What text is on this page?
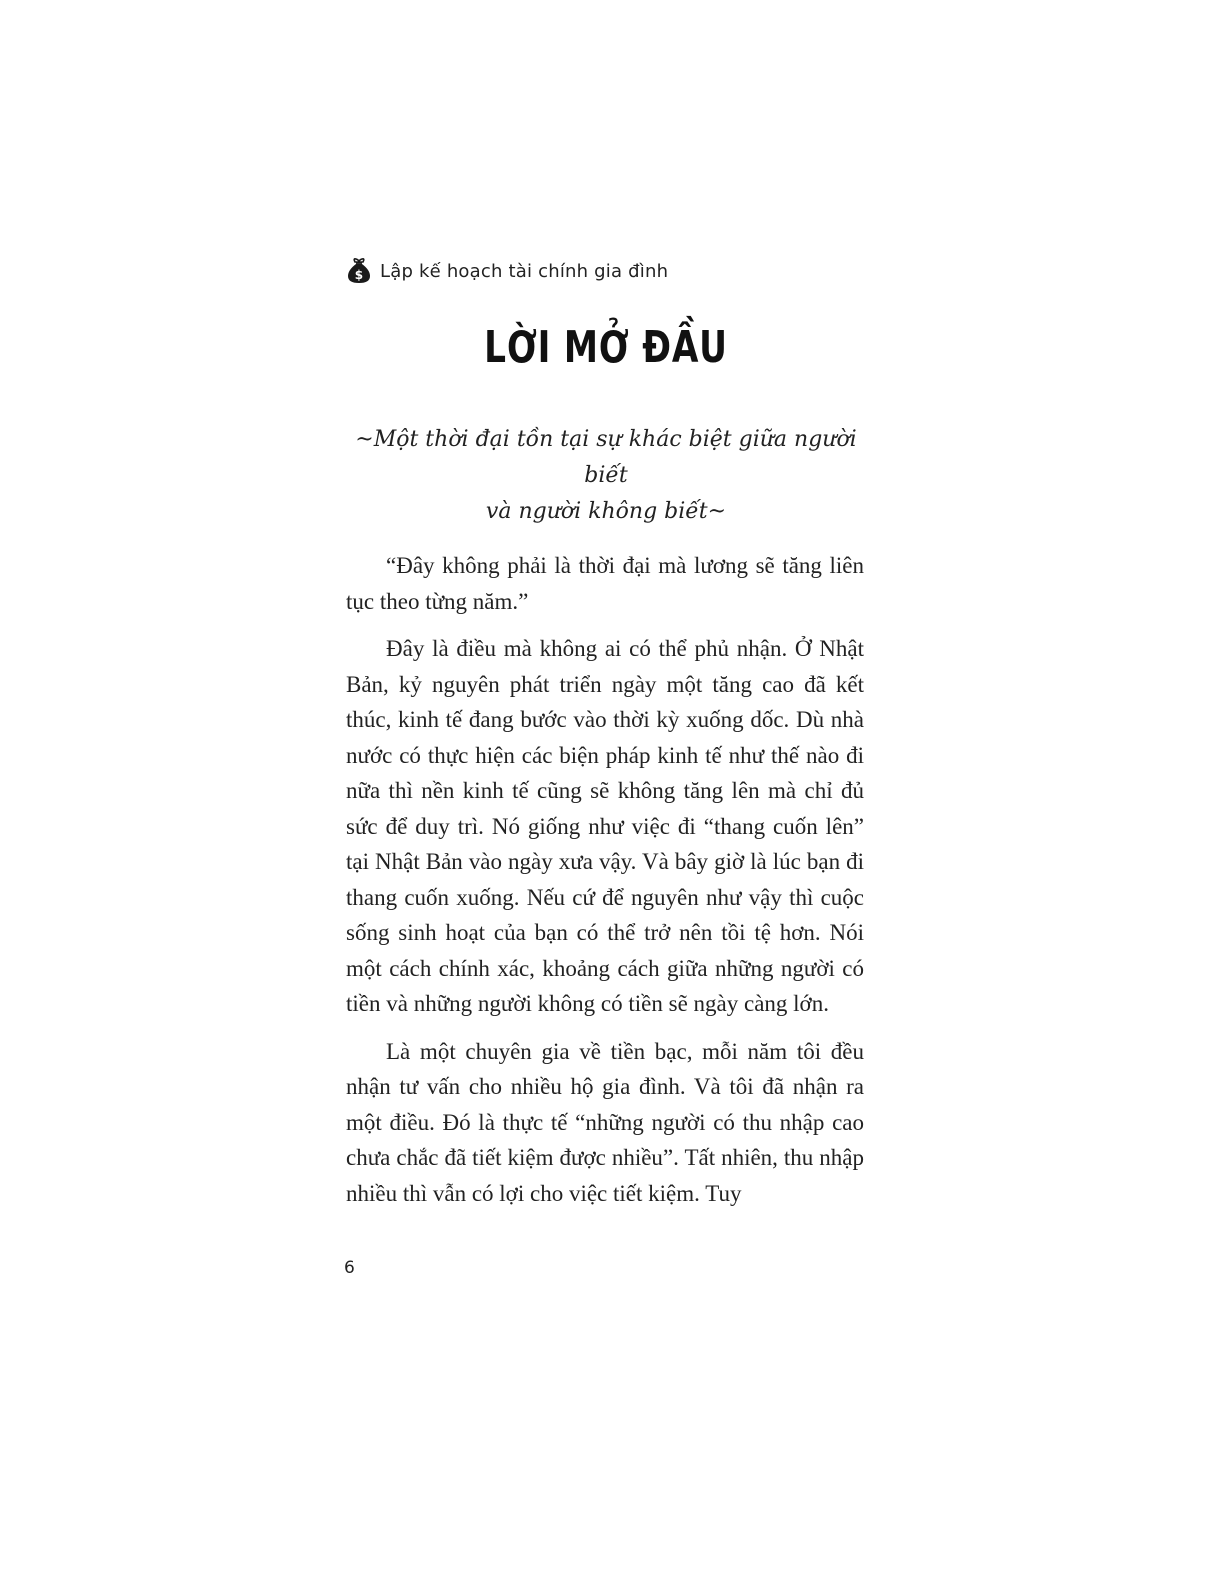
$ Lập kế hoạch tài chính gia đình
LỜI MỞ ĐẦU
~Một thời đại tồn tại sự khác biệt giữa người biết
và người không biết~

“Đây không phải là thời đại mà lương sẽ tăng liên tục theo từng năm.”

Đây là điều mà không ai có thể phủ nhận. Ở Nhật Bản, kỷ nguyên phát triển ngày một tăng cao đã kết thúc, kinh tế đang bước vào thời kỳ xuống dốc. Dù nhà nước có thực hiện các biện pháp kinh tế như thế nào đi nữa thì nền kinh tế cũng sẽ không tăng lên mà chỉ đủ sức để duy trì. Nó giống như việc đi “thang cuốn lên” tại Nhật Bản vào ngày xưa vậy. Và bây giờ là lúc bạn đi thang cuốn xuống. Nếu cứ để nguyên như vậy thì cuộc sống sinh hoạt của bạn có thể trở nên tồi tệ hơn. Nói một cách chính xác, khoảng cách giữa những người có tiền và những người không có tiền sẽ ngày càng lớn.

Là một chuyên gia về tiền bạc, mỗi năm tôi đều nhận tư vấn cho nhiều hộ gia đình. Và tôi đã nhận ra một điều. Đó là thực tế “những người có thu nhập cao chưa chắc đã tiết kiệm được nhiều”. Tất nhiên, thu nhập nhiều thì vẫn có lợi cho việc tiết kiệm. Tuy

6
